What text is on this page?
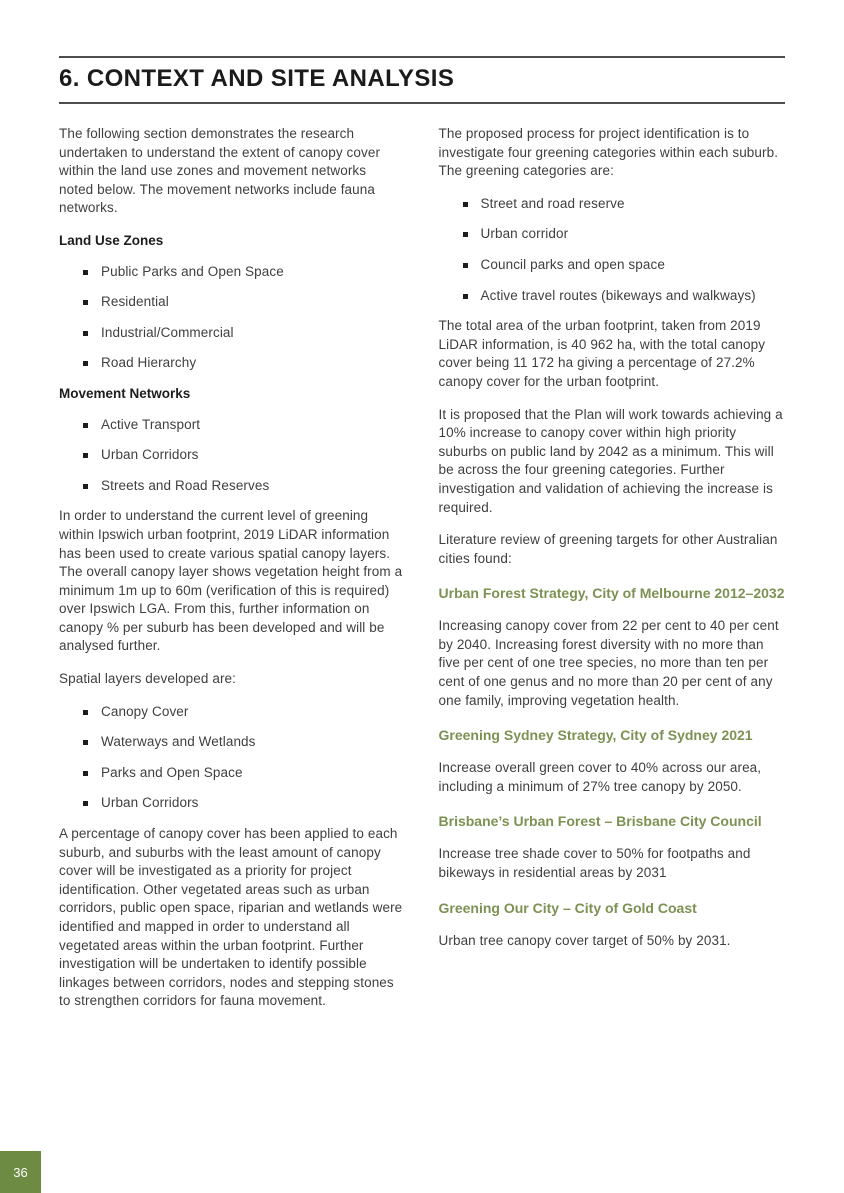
6. CONTEXT AND SITE ANALYSIS

The following section demonstrates the research undertaken to understand the extent of canopy cover within the land use zones and movement networks noted below. The movement networks include fauna networks.

Land Use Zones
Public Parks and Open Space
Residential
Industrial/Commercial
Road Hierarchy
Movement Networks
Active Transport
Urban Corridors
Streets and Road Reserves

In order to understand the current level of greening within Ipswich urban footprint, 2019 LiDAR information has been used to create various spatial canopy layers. The overall canopy layer shows vegetation height from a minimum 1m up to 60m (verification of this is required) over Ipswich LGA. From this, further information on canopy % per suburb has been developed and will be analysed further.

Spatial layers developed are:

Canopy Cover
Waterways and Wetlands
Parks and Open Space
Urban Corridors

A percentage of canopy cover has been applied to each suburb, and suburbs with the least amount of canopy cover will be investigated as a priority for project identification. Other vegetated areas such as urban corridors, public open space, riparian and wetlands were identified and mapped in order to understand all vegetated areas within the urban footprint. Further investigation will be undertaken to identify possible linkages between corridors, nodes and stepping stones to strengthen corridors for fauna movement.

The proposed process for project identification is to investigate four greening categories within each suburb. The greening categories are:

Street and road reserve
Urban corridor
Council parks and open space
Active travel routes (bikeways and walkways)

The total area of the urban footprint, taken from 2019 LiDAR information, is 40 962 ha, with the total canopy cover being 11 172 ha giving a percentage of 27.2% canopy cover for the urban footprint.

It is proposed that the Plan will work towards achieving a 10% increase to canopy cover within high priority suburbs on public land by 2042 as a minimum. This will be across the four greening categories. Further investigation and validation of achieving the increase is required.

Literature review of greening targets for other Australian cities found:

Urban Forest Strategy, City of Melbourne 2012–2032

Increasing canopy cover from 22 per cent to 40 per cent by 2040. Increasing forest diversity with no more than five per cent of one tree species, no more than ten per cent of one genus and no more than 20 per cent of any one family, improving vegetation health.

Greening Sydney Strategy, City of Sydney 2021

Increase overall green cover to 40% across our area, including a minimum of 27% tree canopy by 2050.

Brisbane’s Urban Forest – Brisbane City Council

Increase tree shade cover to 50% for footpaths and bikeways in residential areas by 2031

Greening Our City – City of Gold Coast

Urban tree canopy cover target of 50% by 2031.

36
